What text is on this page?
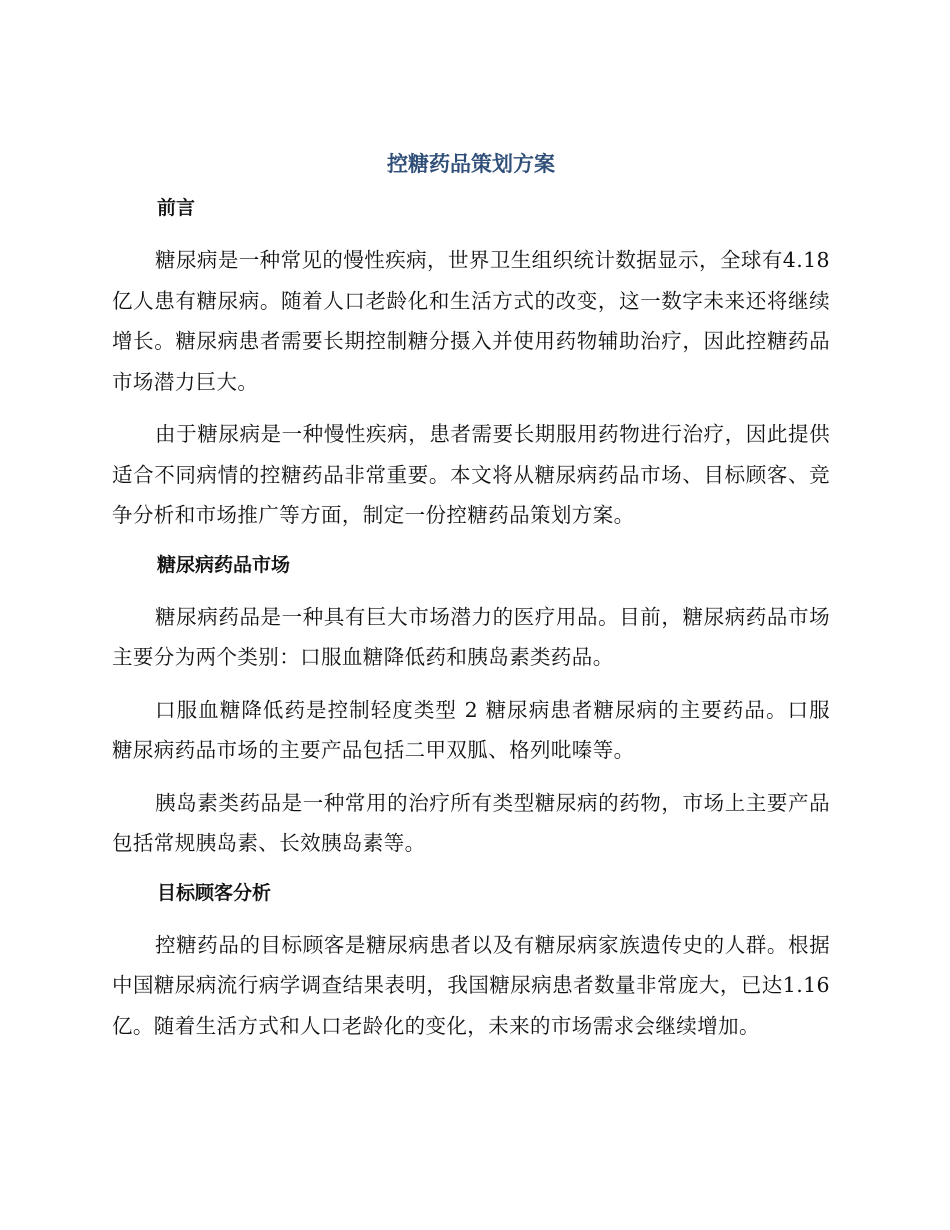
控糖药品策划方案
前言

糖尿病是一种常见的慢性疾病，世界卫生组织统计数据显示，全球有4.18亿人患有糖尿病。随着人口老龄化和生活方式的改变，这一数字未来还将继续增长。糖尿病患者需要长期控制糖分摄入并使用药物辅助治疗，因此控糖药品市场潜力巨大。

由于糖尿病是一种慢性疾病，患者需要长期服用药物进行治疗，因此提供适合不同病情的控糖药品非常重要。本文将从糖尿病药品市场、目标顾客、竞争分析和市场推广等方面，制定一份控糖药品策划方案。

糖尿病药品市场

糖尿病药品是一种具有巨大市场潜力的医疗用品。目前，糖尿病药品市场主要分为两个类别：口服血糖降低药和胰岛素类药品。

口服血糖降低药是控制轻度类型 2 糖尿病患者糖尿病的主要药品。口服糖尿病药品市场的主要产品包括二甲双胍、格列吡嗪等。

胰岛素类药品是一种常用的治疗所有类型糖尿病的药物，市场上主要产品包括常规胰岛素、长效胰岛素等。

目标顾客分析

控糖药品的目标顾客是糖尿病患者以及有糖尿病家族遗传史的人群。根据中国糖尿病流行病学调查结果表明，我国糖尿病患者数量非常庞大，已达1.16亿。随着生活方式和人口老龄化的变化，未来的市场需求会继续增加。
